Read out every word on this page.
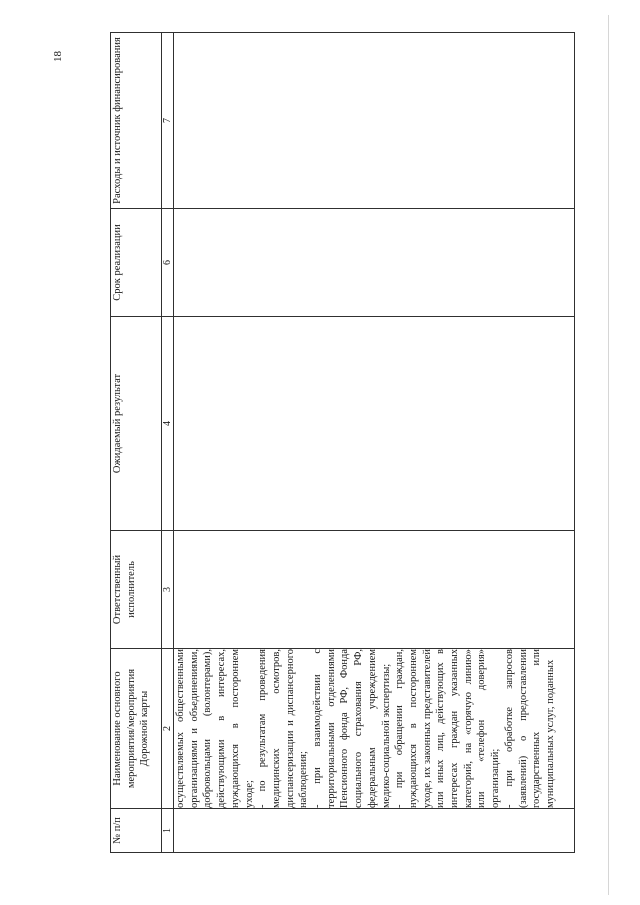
18
№ п/п	Наименование основного мероприятия/мероприятия Дорожной карты	Ответственный исполнитель	Ожидаемый результат	Срок реализации	Расходы и источник финансирования
1	2	3	4	6	7

	осуществляемых общественными организациями и объединениями, добровольцами (волонтерами), действующими в интересах, нуждающихся в постороннем уходе;
- по результатам проведения медицинских осмотров, диспансеризации и диспансерного наблюдения;
- при взаимодействии с территориальными отделениями Пенсионного фонда РФ, Фонда социального страхования РФ, федеральным учреждением медико-социальной экспертизы;
- при обращении граждан, нуждающихся в постороннем уходе, их законных представителей или иных лиц, действующих в интересах граждан указанных категорий, на «горячую линию» или «телефон доверия» организаций;
- при обработке запросов (заявлений) о предоставлении государственных или муниципальных услуг, поданных				
